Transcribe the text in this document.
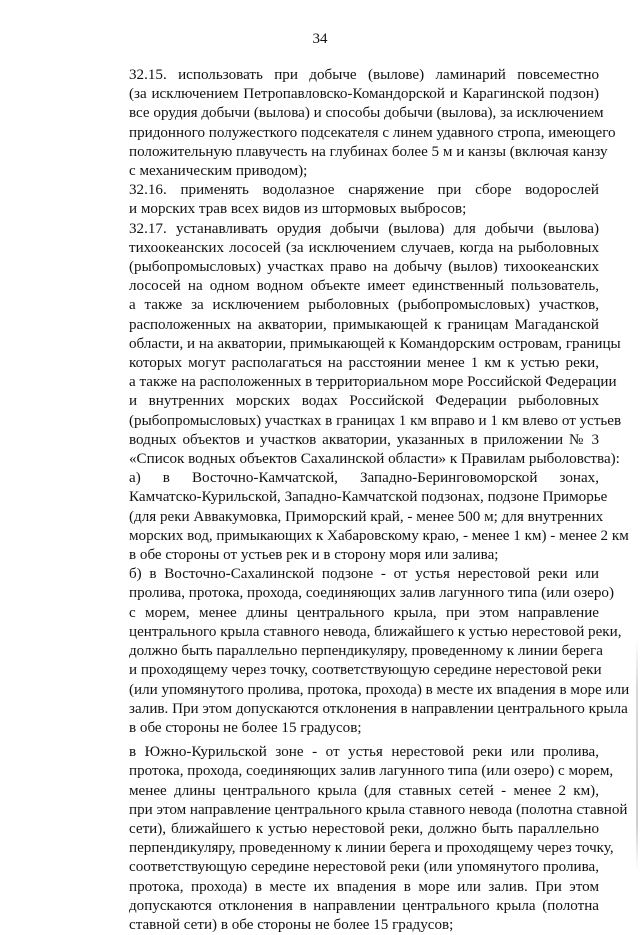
34
32.15. использовать при добыче (вылове) ламинарий повсеместно
(за исключением Петропавловско-Командорской и Карагинской подзон)
все орудия добычи (вылова) и способы добычи (вылова), за исключением
придонного полужесткого подсекателя с линем удавного стропа, имеющего
положительную плавучесть на глубинах более 5 м и канзы (включая канзу
с механическим приводом);
32.16. применять водолазное снаряжение при сборе водорослей
и морских трав всех видов из штормовых выбросов;
32.17. устанавливать орудия добычи (вылова) для добычи (вылова)
тихоокеанских лососей (за исключением случаев, когда на рыболовных
(рыбопромысловых) участках право на добычу (вылов) тихоокеанских
лососей на одном водном объекте имеет единственный пользователь,
а также за исключением рыболовных (рыбопромысловых) участков,
расположенных на акватории, примыкающей к границам Магаданской
области, и на акватории, примыкающей к Командорским островам, границы
которых могут располагаться на расстоянии менее 1 км к устью реки,
а также на расположенных в территориальном море Российской Федерации
и внутренних морских водах Российской Федерации рыболовных
(рыбопромысловых) участках в границах 1 км вправо и 1 км влево от устьев
водных объектов и участков акватории, указанных в приложении № 3
«Список водных объектов Сахалинской области» к Правилам рыболовства):
а) в Восточно-Камчатской, Западно-Беринговоморской зонах,
Камчатско-Курильской, Западно-Камчатской подзонах, подзоне Приморье
(для реки Аввакумовка, Приморский край, - менее 500 м; для внутренних
морских вод, примыкающих к Хабаровскому краю, - менее 1 км) - менее 2 км
в обе стороны от устьев рек и в сторону моря или залива;
б) в Восточно-Сахалинской подзоне - от устья нерестовой реки или
пролива, протока, прохода, соединяющих залив лагунного типа (или озеро)
с морем, менее длины центрального крыла, при этом направление
центрального крыла ставного невода, ближайшего к устью нерестовой реки,
должно быть параллельно перпендикуляру, проведенному к линии берега
и проходящему через точку, соответствующую середине нерестовой реки
(или упомянутого пролива, протока, прохода) в месте их впадения в море или
залив. При этом допускаются отклонения в направлении центрального крыла
в обе стороны не более 15 градусов;
в Южно-Курильской зоне - от устья нерестовой реки или пролива,
протока, прохода, соединяющих залив лагунного типа (или озеро) с морем,
менее длины центрального крыла (для ставных сетей - менее 2 км),
при этом направление центрального крыла ставного невода (полотна ставной
сети), ближайшего к устью нерестовой реки, должно быть параллельно
перпендикуляру, проведенному к линии берега и проходящему через точку,
соответствующую середине нерестовой реки (или упомянутого пролива,
протока, прохода) в месте их впадения в море или залив. При этом
допускаются отклонения в направлении центрального крыла (полотна
ставной сети) в обе стороны не более 15 градусов;
